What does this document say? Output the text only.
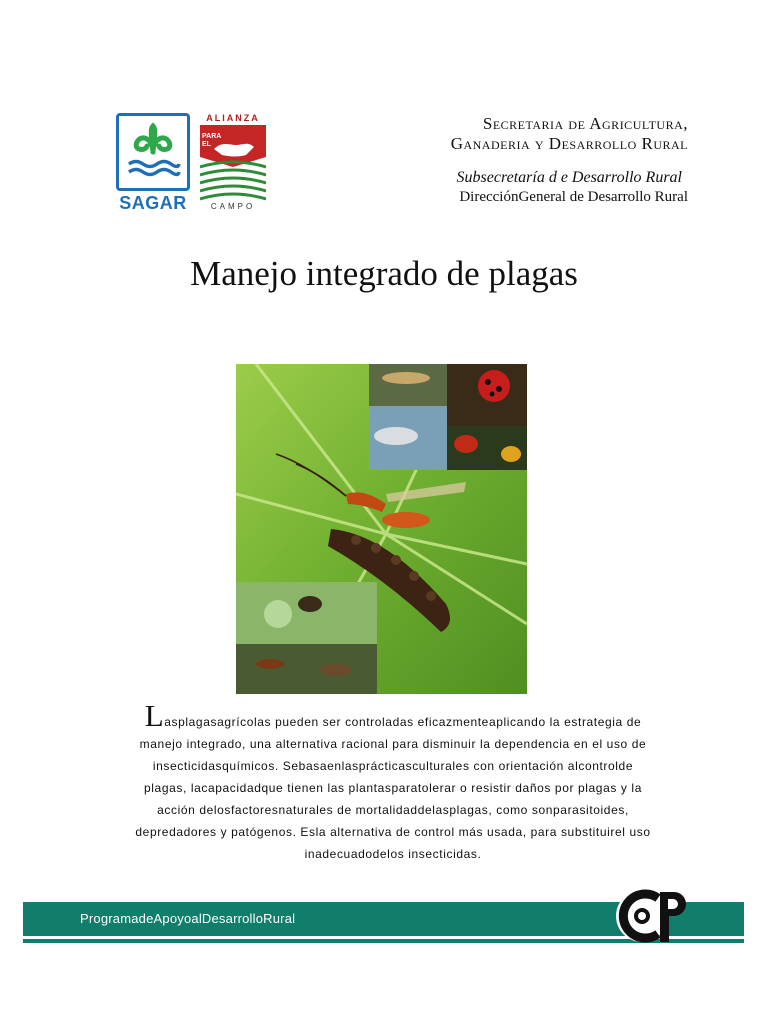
SAGAR
ALIANZA
PARA
EL
CAMPO

Secretaria de Agricultura,

Ganaderia y Desarrollo Rural

Subsecretaría d e Desarrollo Rural

DirecciónGeneral de Desarrollo Rural

Manejo integrado de plagas
Lasplagasagrícolas pueden ser controladas eficazmenteaplicando la estrategia de
manejo integrado, una alternativa racional para disminuir la dependencia en el uso de
insecticidasquímicos. Sebasaenlasprácticasculturales con orientación alcontrolde
plagas, lacapacidadque tienen las plantasparatolerar o resistir daños por plagas y la
acción delosfactoresnaturales de mortalidaddelasplagas, como sonparasitoides,
depredadores y patógenos. Esla alternativa de control más usada, para substituirel uso
inadecuadodelos insecticidas.
ProgramadeApoyoalDesarrolloRural
